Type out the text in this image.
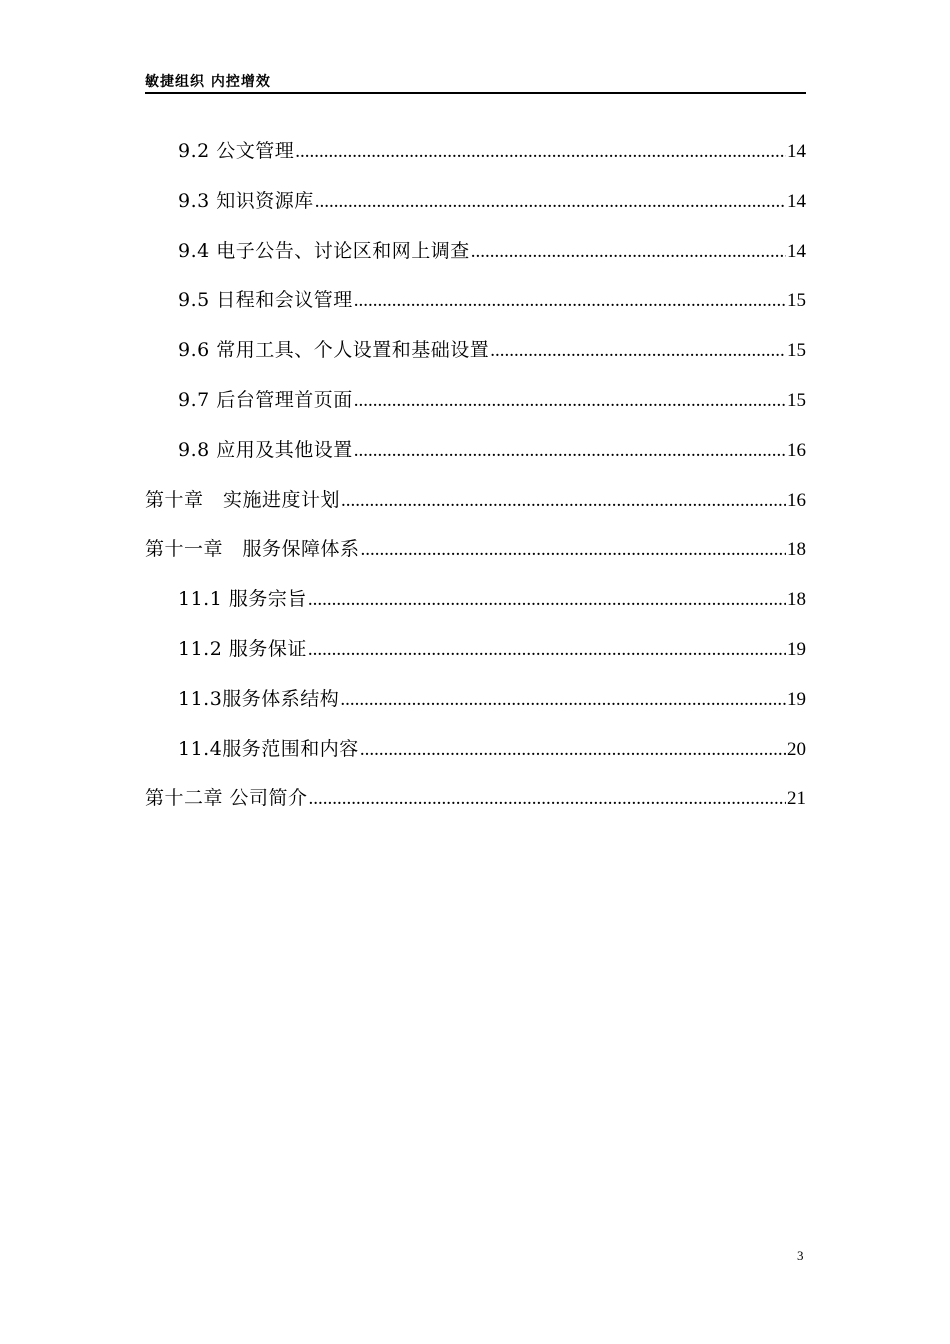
敏捷组织 内控增效
9.2 公文管理 .....	14
9.3 知识资源库 .....	14
9.4 电子公告、讨论区和网上调查 .....	14
9.5 日程和会议管理 .....	15
9.6 常用工具、个人设置和基础设置 .....	15
9.7 后台管理首页面 .....	15
9.8 应用及其他设置 .....	16
第十章　实施进度计划 .....	16
第十一章　服务保障体系 .....	18
11.1 服务宗旨 .....	18
11.2 服务保证 .....	19
11.3服务体系结构 .....	19
11.4服务范围和内容 .....	20
第十二章 公司简介 .....	21
3
